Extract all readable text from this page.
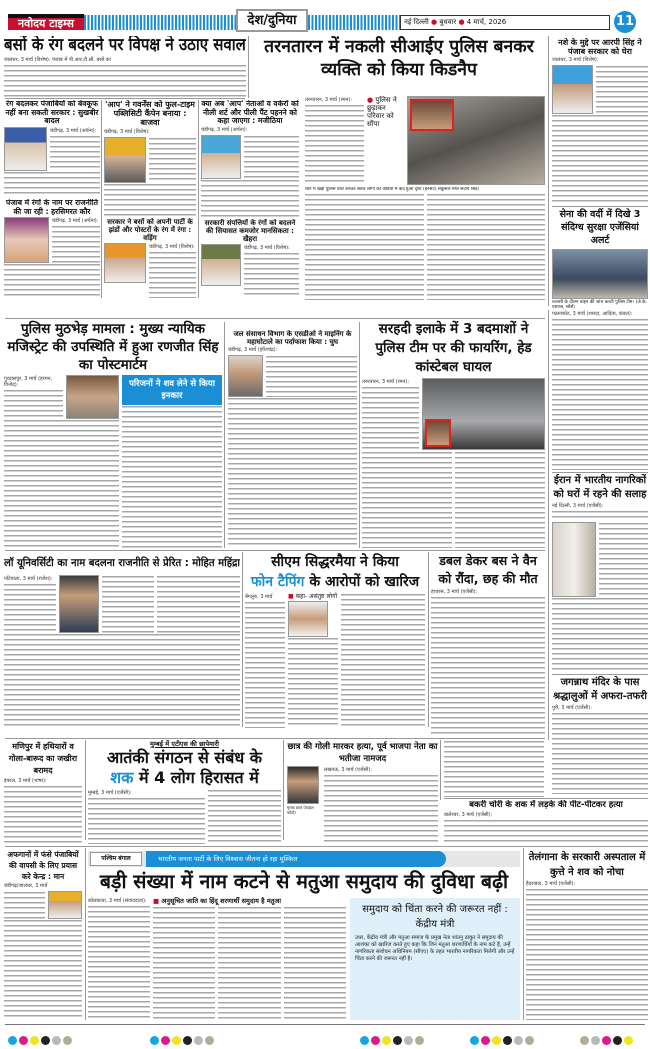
नवोदय टाइम्स	देश/दुनिया	नई दिल्ली ● बुधवार ● 4 मार्च, 2026	11
बसों के रंग बदलने पर विपक्ष ने उठाए सवाल
जालंधर, 3 मार्च (विशेष): पंजाब में पी.आर.टी.सी. बसों का
रंग बदलकर पंजाबियों को बेवकूफ नहीं बना सकती सरकार : सुखबीर बादल
चंडीगढ़, 3 मार्च (अर्चना):
पंजाब में रंगों के नाम पर राजनीति की जा रही : हरसिमरत कौर
चंडीगढ़, 3 मार्च (अर्चना):
'आप' ने गवर्नेंस को फुल-टाइम पब्लिसिटी कैंपेन बनाया : बाजवा
चंडीगढ़, 3 मार्च (विशेष):
सरकार ने बसों को अपनी पार्टी के झंडों और पोस्टरों के रंग में रंगा : वड़िंग
चंडीगढ़, 3 मार्च (विशेष):
क्या अब 'आप' नेताओं व वर्करों को नीली शर्ट और पीली पैंट पहनने को कहा जाएगा : मजीठिया
चंडीगढ़, 3 मार्च (अर्चना):
सरकारी संपत्तियों के रंगों को बदलने की सियासत कमजोर मानसिकता : खैहरा
चंडीगढ़, 3 मार्च (विशेष):
तरनतारन में नकली सीआईए पुलिस बनकर व्यक्ति को किया किडनैप
तरनतारन, 3 मार्च (रमन):	● पुलिस ने छुड़ाकर परिवार को सौंपा
थाने में खड़ी पुलिस वाले बनकर सवार लोगों का वीडियो में कैद हुआ दृश्य (इनसेट) सकुशल मिले संदीप सिंह।
नशे के मुद्दे पर आरपी सिंह ने पंजाब सरकार को घेरा
जालंधर, 3 मार्च (विशेष):
सेना की वर्दी में दिखे 3 संदिग्ध सुरक्षा एजेंसियां अलर्ट
तलाशी के दौरान वाहन की जांच करती पुलिस टीम। (जे.के. एसएस, सोर्स)
पठानकोट, 3 मार्च (शारदा, आदित्य, कंवल):
पुलिस मुठभेड़ मामला : मुख्य न्यायिक मजिस्ट्रेट की उपस्थिति में हुआ रणजीत सिंह का पोस्टमार्टम
गुरदासपुर, 3 मार्च (हरमन, विनोद):	परिजनों ने शव लेने से किया इनकार
जल संसाधन विभाग के एसडीओ ने माइनिंग के महाघोटाले का पर्दाफाश किया : चुघ
चंडीगढ़, 3 मार्च (हरिश्चंद्र):
सरहदी इलाके में 3 बदमाशों ने पुलिस टीम पर की फायरिंग, हेड कांस्टेबल घायल
तरनतारन, 3 मार्च (रमन):
ईरान में भारतीय नागरिकों को घरों में रहने की सलाह
नई दिल्ली, 3 मार्च (एजेंसी):
जगन्नाथ मंदिर के पास श्रद्धालुओं में अफरा-तफरी
पुरी, 3 मार्च (एजेंसी):
लॉ यूनिवर्सिटी का नाम बदलना राजनीति से प्रेरित : मोहित महिंद्रा
पटियाला, 3 मार्च (राजेश):
सीएम सिद्धरमैया ने किया
फोन टैपिंग के आरोपों को खारिज
बेंगलुरु, 3 मार्च	■ कहा- असंतुष्ट लोगों
डबल डेकर बस ने वैन को रौंदा, छह की मौत
हाथरस, 3 मार्च (एजेंसी):
मणिपुर में हथियारों व गोला-बारूद का जखीरा बरामद
इंफाल, 3 मार्च (भाषा):
मुम्बई में एटीएस की छापेमारी
आतंकी संगठन से संबंध के
शक में 4 लोग हिरासत में
मुम्बई, 3 मार्च (एजेंसी):
छात्र की गोली मारकर हत्या, पूर्व भाजपा नेता का भतीजा नामजद
मृतक छात्र (फाइल फोटो)
लखनऊ, 3 मार्च (एजेंसी):
बकरी चोरी के शक में लड़के की पीट-पीटकर हत्या
बालेश्वर, 3 मार्च (एजेंसी):
अफगानों में फंसे पंजाबियों की वापसी के लिए प्रयास करे केन्द्र : मान
चंडीगढ़/जालंधर, 3 मार्च
पश्चिम बंगाल	भारतीय जनता पार्टी के लिए विश्वास जीतना हो रहा मुश्किल
बड़ी संख्या में नाम कटने से मतुआ समुदाय की दुविधा बढ़ी
कोलकाता, 3 मार्च (संवाददाता): ■ अनुसूचित जाति का हिंदू शरणार्थी समुदाय है मतुआ
समुदाय को चिंता करने की जरूरत नहीं : केंद्रीय मंत्री
उधर, केंद्रीय मंत्री और मतुआ समाज के प्रमुख नेता शांतनु ठाकुर ने समुदाय की आशंका को खारिज करते हुए कहा कि जिन मतुआ शरणार्थियों के नाम कटे हैं, उन्हें नागरिकता संशोधन अधिनियम (सीएए) के तहत भारतीय नागरिकता मिलेगी और उन्हें चिंता करने की जरूरत नहीं है।
तेलंगाना के सरकारी अस्पताल में कुत्ते ने शव को नोचा
हैदराबाद, 3 मार्च (एजेंसी):
